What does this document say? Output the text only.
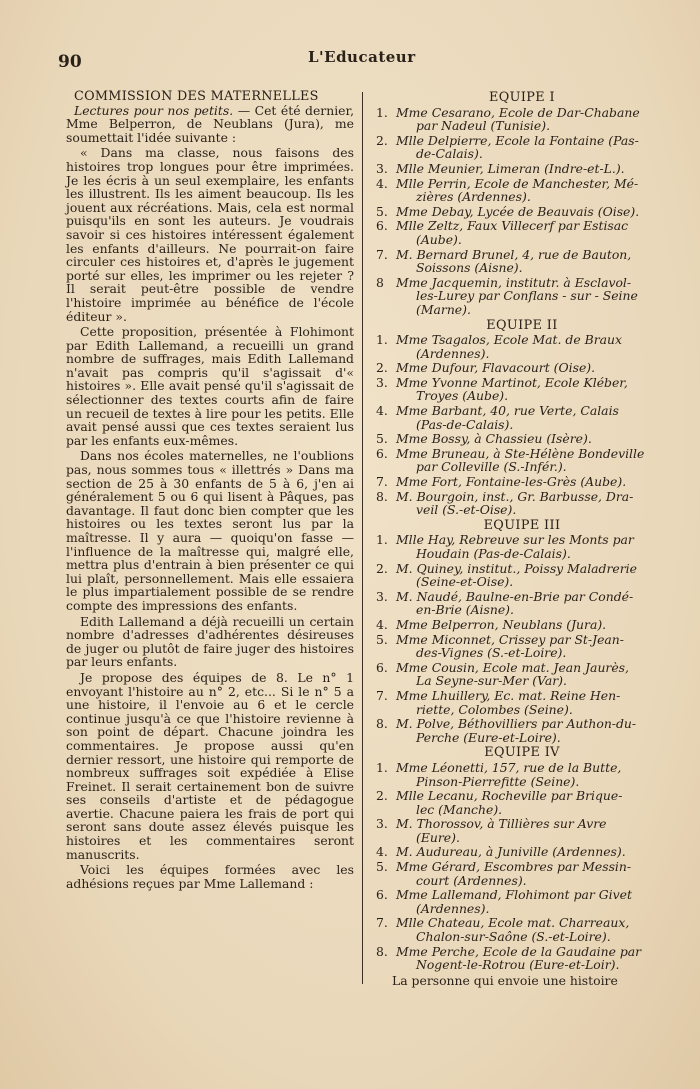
90	L'Educateur

COMMISSION DES MATERNELLES

Lectures pour nos petits. — Cet été dernier, Mme Belperron, de Neublans (Jura), me soumettait l'idée suivante :

« Dans ma classe, nous faisons des histoires trop longues pour être imprimées. Je les écris à un seul exemplaire, les enfants les illustrent. Ils les aiment beaucoup. Ils les jouent aux récréations. Mais, cela est normal puisqu'ils en sont les auteurs. Je voudrais savoir si ces histoires intéressent également les enfants d'ailleurs. Ne pourrait-on faire circuler ces histoires et, d'après le jugement porté sur elles, les imprimer ou les rejeter ? Il serait peut-être possible de vendre l'histoire imprimée au bénéfice de l'école éditeur ».

Cette proposition, présentée à Flohimont par Edith Lallemand, a recueilli un grand nombre de suffrages, mais Edith Lallemand n'avait pas compris qu'il s'agissait d'« histoires ». Elle avait pensé qu'il s'agissait de sélectionner des textes courts afin de faire un recueil de textes à lire pour les petits. Elle avait pensé aussi que ces textes seraient lus par les enfants eux-mêmes.

Dans nos écoles maternelles, ne l'oublions pas, nous sommes tous « illettrés » Dans ma section de 25 à 30 enfants de 5 à 6, j'en ai généralement 5 ou 6 qui lisent à Pâques, pas davantage. Il faut donc bien compter que les histoires ou les textes seront lus par la maîtresse. Il y aura — quoiqu'on fasse — l'influence de la maîtresse qui, malgré elle, mettra plus d'entrain à bien présenter ce qui lui plaît, personnellement. Mais elle essaiera le plus impartialement possible de se rendre compte des impressions des enfants.

Edith Lallemand a déjà recueilli un certain nombre d'adresses d'adhérentes désireuses de juger ou plutôt de faire juger des histoires par leurs enfants.

Je propose des équipes de 8. Le n° 1 envoyant l'histoire au n° 2, etc... Si le n° 5 a une histoire, il l'envoie au 6 et le cercle continue jusqu'à ce que l'histoire revienne à son point de départ. Chacune joindra les commentaires. Je propose aussi qu'en dernier ressort, une histoire qui remporte de nombreux suffrages soit expédiée à Elise Freinet. Il serait certainement bon de suivre ses conseils d'artiste et de pédagogue avertie. Chacune paiera les frais de port qui seront sans doute assez élevés puisque les histoires et les commentaires seront manuscrits.

Voici les équipes formées avec les adhésions reçues par Mme Lallemand :

EQUIPE I
1. Mme Cesarano, Ecole de Dar-Chabane
par Nadeul (Tunisie).
2. Mlle Delpierre, Ecole la Fontaine (Pas-
de-Calais).
3. Mlle Meunier, Limeran (Indre-et-L.).
4. Mlle Perrin, Ecole de Manchester, Mé-
zières (Ardennes).
5. Mme Debay, Lycée de Beauvais (Oise).
6. Mlle Zeltz, Faux Villecerf par Estisac
(Aube).
7. M. Bernard Brunel, 4, rue de Bauton,
Soissons (Aisne).
8 Mme Jacquemin, institutr. à Esclavol-
les-Lurey par Conflans - sur - Seine
(Marne).
EQUIPE II
1. Mme Tsagalos, Ecole Mat. de Braux
(Ardennes).
2. Mme Dufour, Flavacourt (Oise).
3. Mme Yvonne Martinot, Ecole Kléber,
Troyes (Aube).
4. Mme Barbant, 40, rue Verte, Calais
(Pas-de-Calais).
5. Mme Bossy, à Chassieu (Isère).
6. Mme Bruneau, à Ste-Hélène Bondeville
par Colleville (S.-Infér.).
7. Mme Fort, Fontaine-les-Grès (Aube).
8. M. Bourgoin, inst., Gr. Barbusse, Dra-
veil (S.-et-Oise).
EQUIPE III
1. Mlle Hay, Rebreuve sur les Monts par
Houdain (Pas-de-Calais).
2. M. Quiney, institut., Poissy Maladrerie
(Seine-et-Oise).
3. M. Naudé, Baulne-en-Brie par Condé-
en-Brie (Aisne).
4. Mme Belperron, Neublans (Jura).
5. Mme Miconnet, Crissey par St-Jean-
des-Vignes (S.-et-Loire).
6. Mme Cousin, Ecole mat. Jean Jaurès,
La Seyne-sur-Mer (Var).
7. Mme Lhuillery, Ec. mat. Reine Hen-
riette, Colombes (Seine).
8. M. Polve, Béthovilliers par Authon-du-
Perche (Eure-et-Loire).
EQUIPE IV
1. Mme Léonetti, 157, rue de la Butte,
Pinson-Pierrefitte (Seine).
2. Mlle Lecanu, Rocheville par Brique-
lec (Manche).
3. M. Thorossov, à Tillières sur Avre
(Eure).
4. M. Audureau, à Juniville (Ardennes).
5. Mme Gérard, Escombres par Messin-
court (Ardennes).
6. Mme Lallemand, Flohimont par Givet
(Ardennes).
7. Mlle Chateau, Ecole mat. Charreaux,
Chalon-sur-Saône (S.-et-Loire).
8. Mme Perche, Ecole de la Gaudaine par
Nogent-le-Rotrou (Eure-et-Loir).

La personne qui envoie une histoire
